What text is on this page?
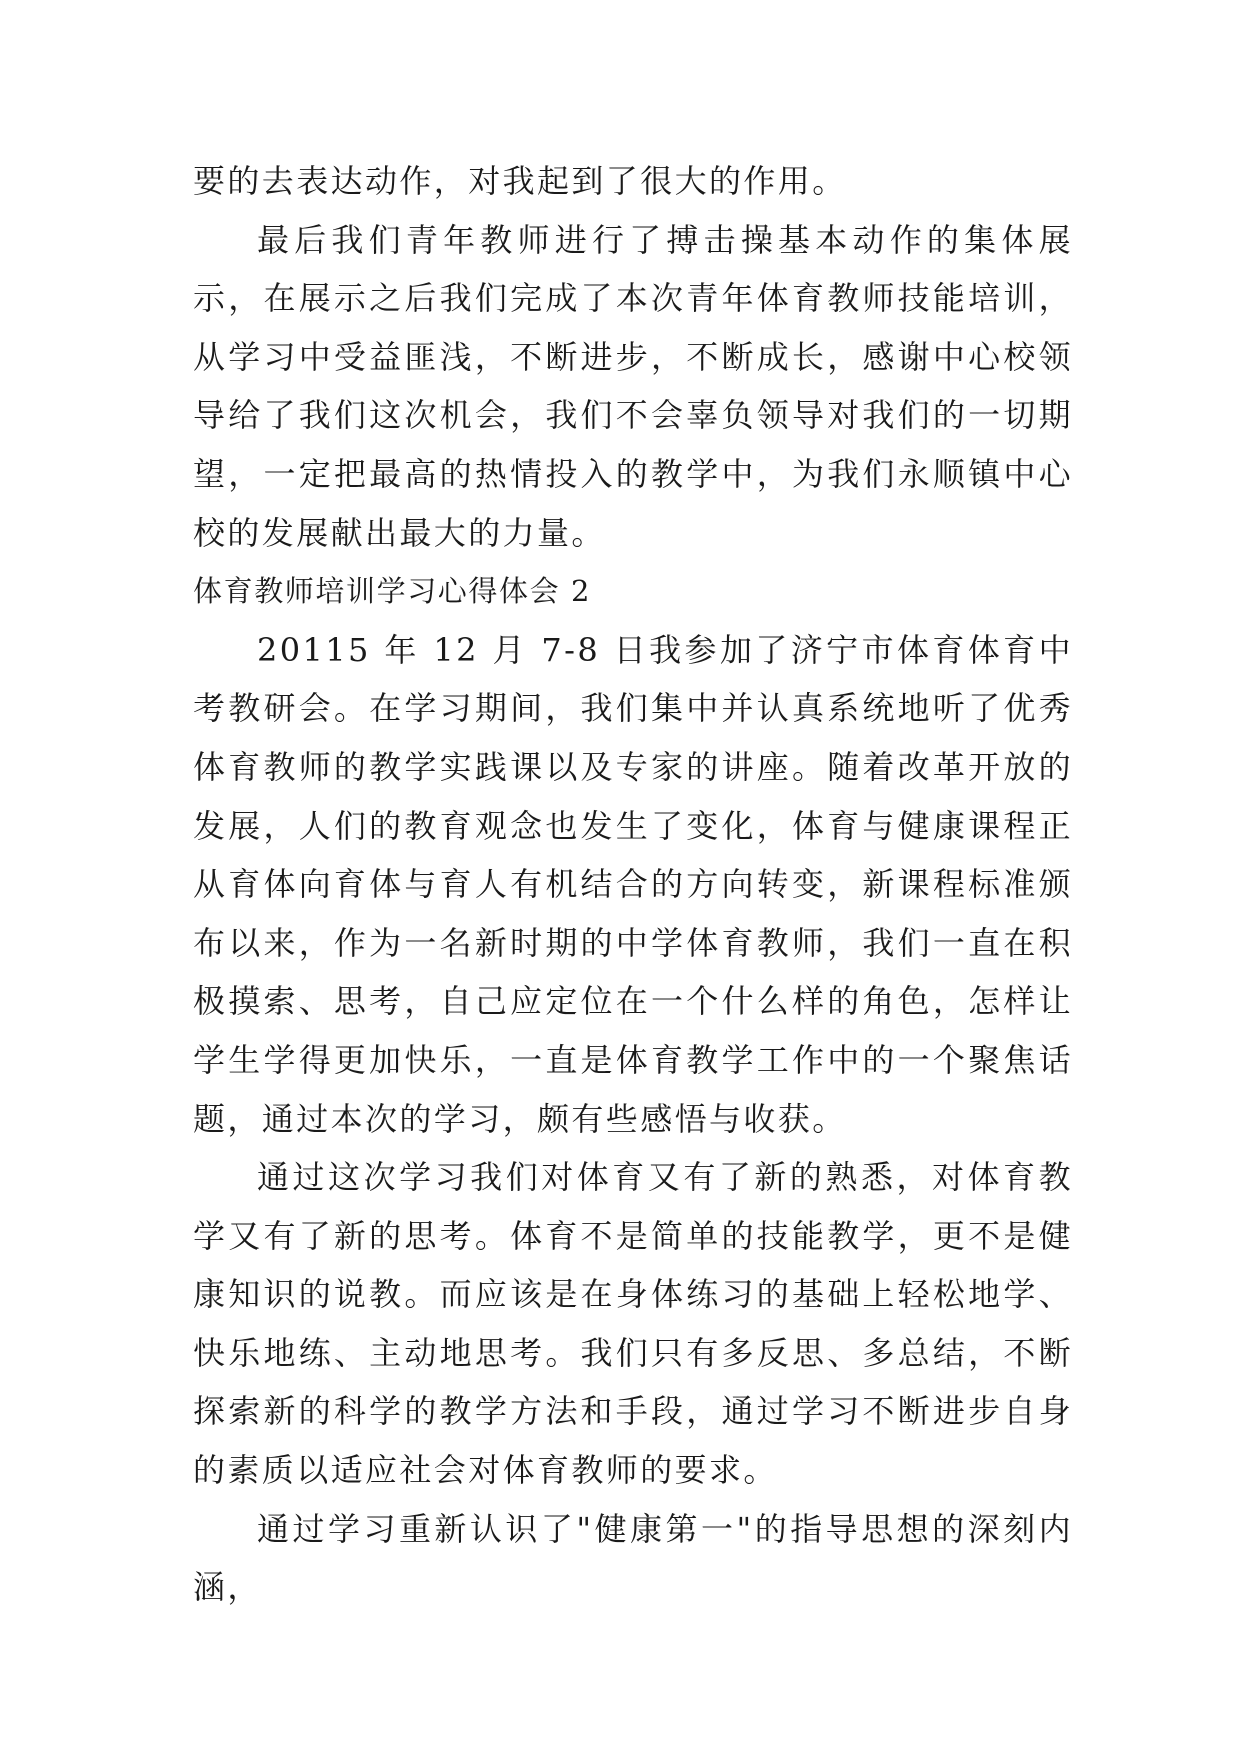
要的去表达动作，对我起到了很大的作用。

最后我们青年教师进行了搏击操基本动作的集体展示，在展示之后我们完成了本次青年体育教师技能培训，从学习中受益匪浅，不断进步，不断成长，感谢中心校领导给了我们这次机会，我们不会辜负领导对我们的一切期望，一定把最高的热情投入的教学中，为我们永顺镇中心校的发展献出最大的力量。

体育教师培训学习心得体会 2

20115 年 12 月 7-8 日我参加了济宁市体育体育中考教研会。在学习期间，我们集中并认真系统地听了优秀体育教师的教学实践课以及专家的讲座。随着改革开放的发展，人们的教育观念也发生了变化，体育与健康课程正从育体向育体与育人有机结合的方向转变，新课程标准颁布以来，作为一名新时期的中学体育教师，我们一直在积极摸索、思考，自己应定位在一个什么样的角色，怎样让学生学得更加快乐，一直是体育教学工作中的一个聚焦话题，通过本次的学习，颇有些感悟与收获。

通过这次学习我们对体育又有了新的熟悉，对体育教学又有了新的思考。体育不是简单的技能教学，更不是健康知识的说教。而应该是在身体练习的基础上轻松地学、快乐地练、主动地思考。我们只有多反思、多总结，不断探索新的科学的教学方法和手段，通过学习不断进步自身的素质以适应社会对体育教师的要求。

通过学习重新认识了"健康第一"的指导思想的深刻内涵，
